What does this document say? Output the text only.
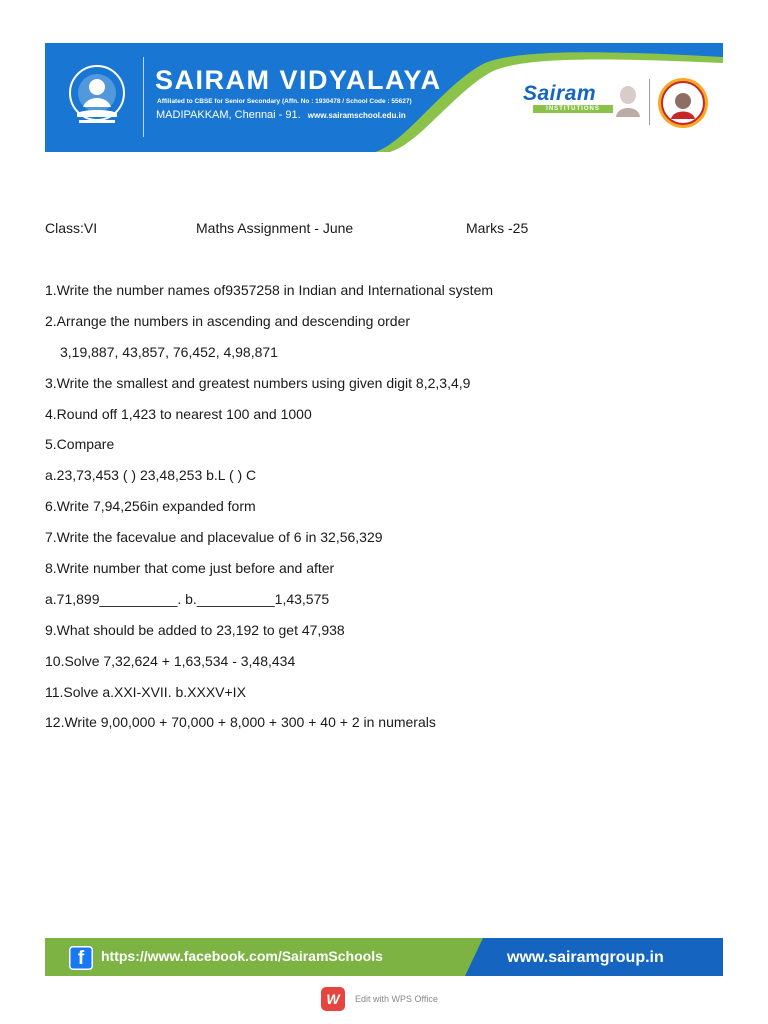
SAIRAM VIDYALAYA
Affiliated to CBSE for Senior Secondary (Affn. No : 1930478 / School Code : 55627)
MADIPAKKAM, Chennai - 91. www.sairamschool.edu.in
Sairam
INSTITUTIONS
Class:VI	Maths Assignment - June	Marks -25
1.Write the number names of9357258 in Indian and International system
2.Arrange the numbers in ascending and descending order
3,19,887, 43,857, 76,452, 4,98,871
3.Write the smallest and greatest numbers using given digit 8,2,3,4,9
4.Round off 1,423 to nearest 100 and 1000
5.Compare
a.23,73,453 ( ) 23,48,253 b.L ( ) C
6.Write 7,94,256in expanded form
7.Write the facevalue and placevalue of 6 in 32,56,329
8.Write number that come just before and after
a.71,899__________. b.__________1,43,575
9.What should be added to 23,192 to get 47,938
10.Solve 7,32,624 + 1,63,534 - 3,48,434
11.Solve a.XXI-XVII. b.XXXV+IX
12.Write 9,00,000 + 70,000 + 8,000 + 300 + 40 + 2 in numerals
f	https://www.facebook.com/SairamSchools	www.sairamgroup.in
W	Edit with WPS Office
